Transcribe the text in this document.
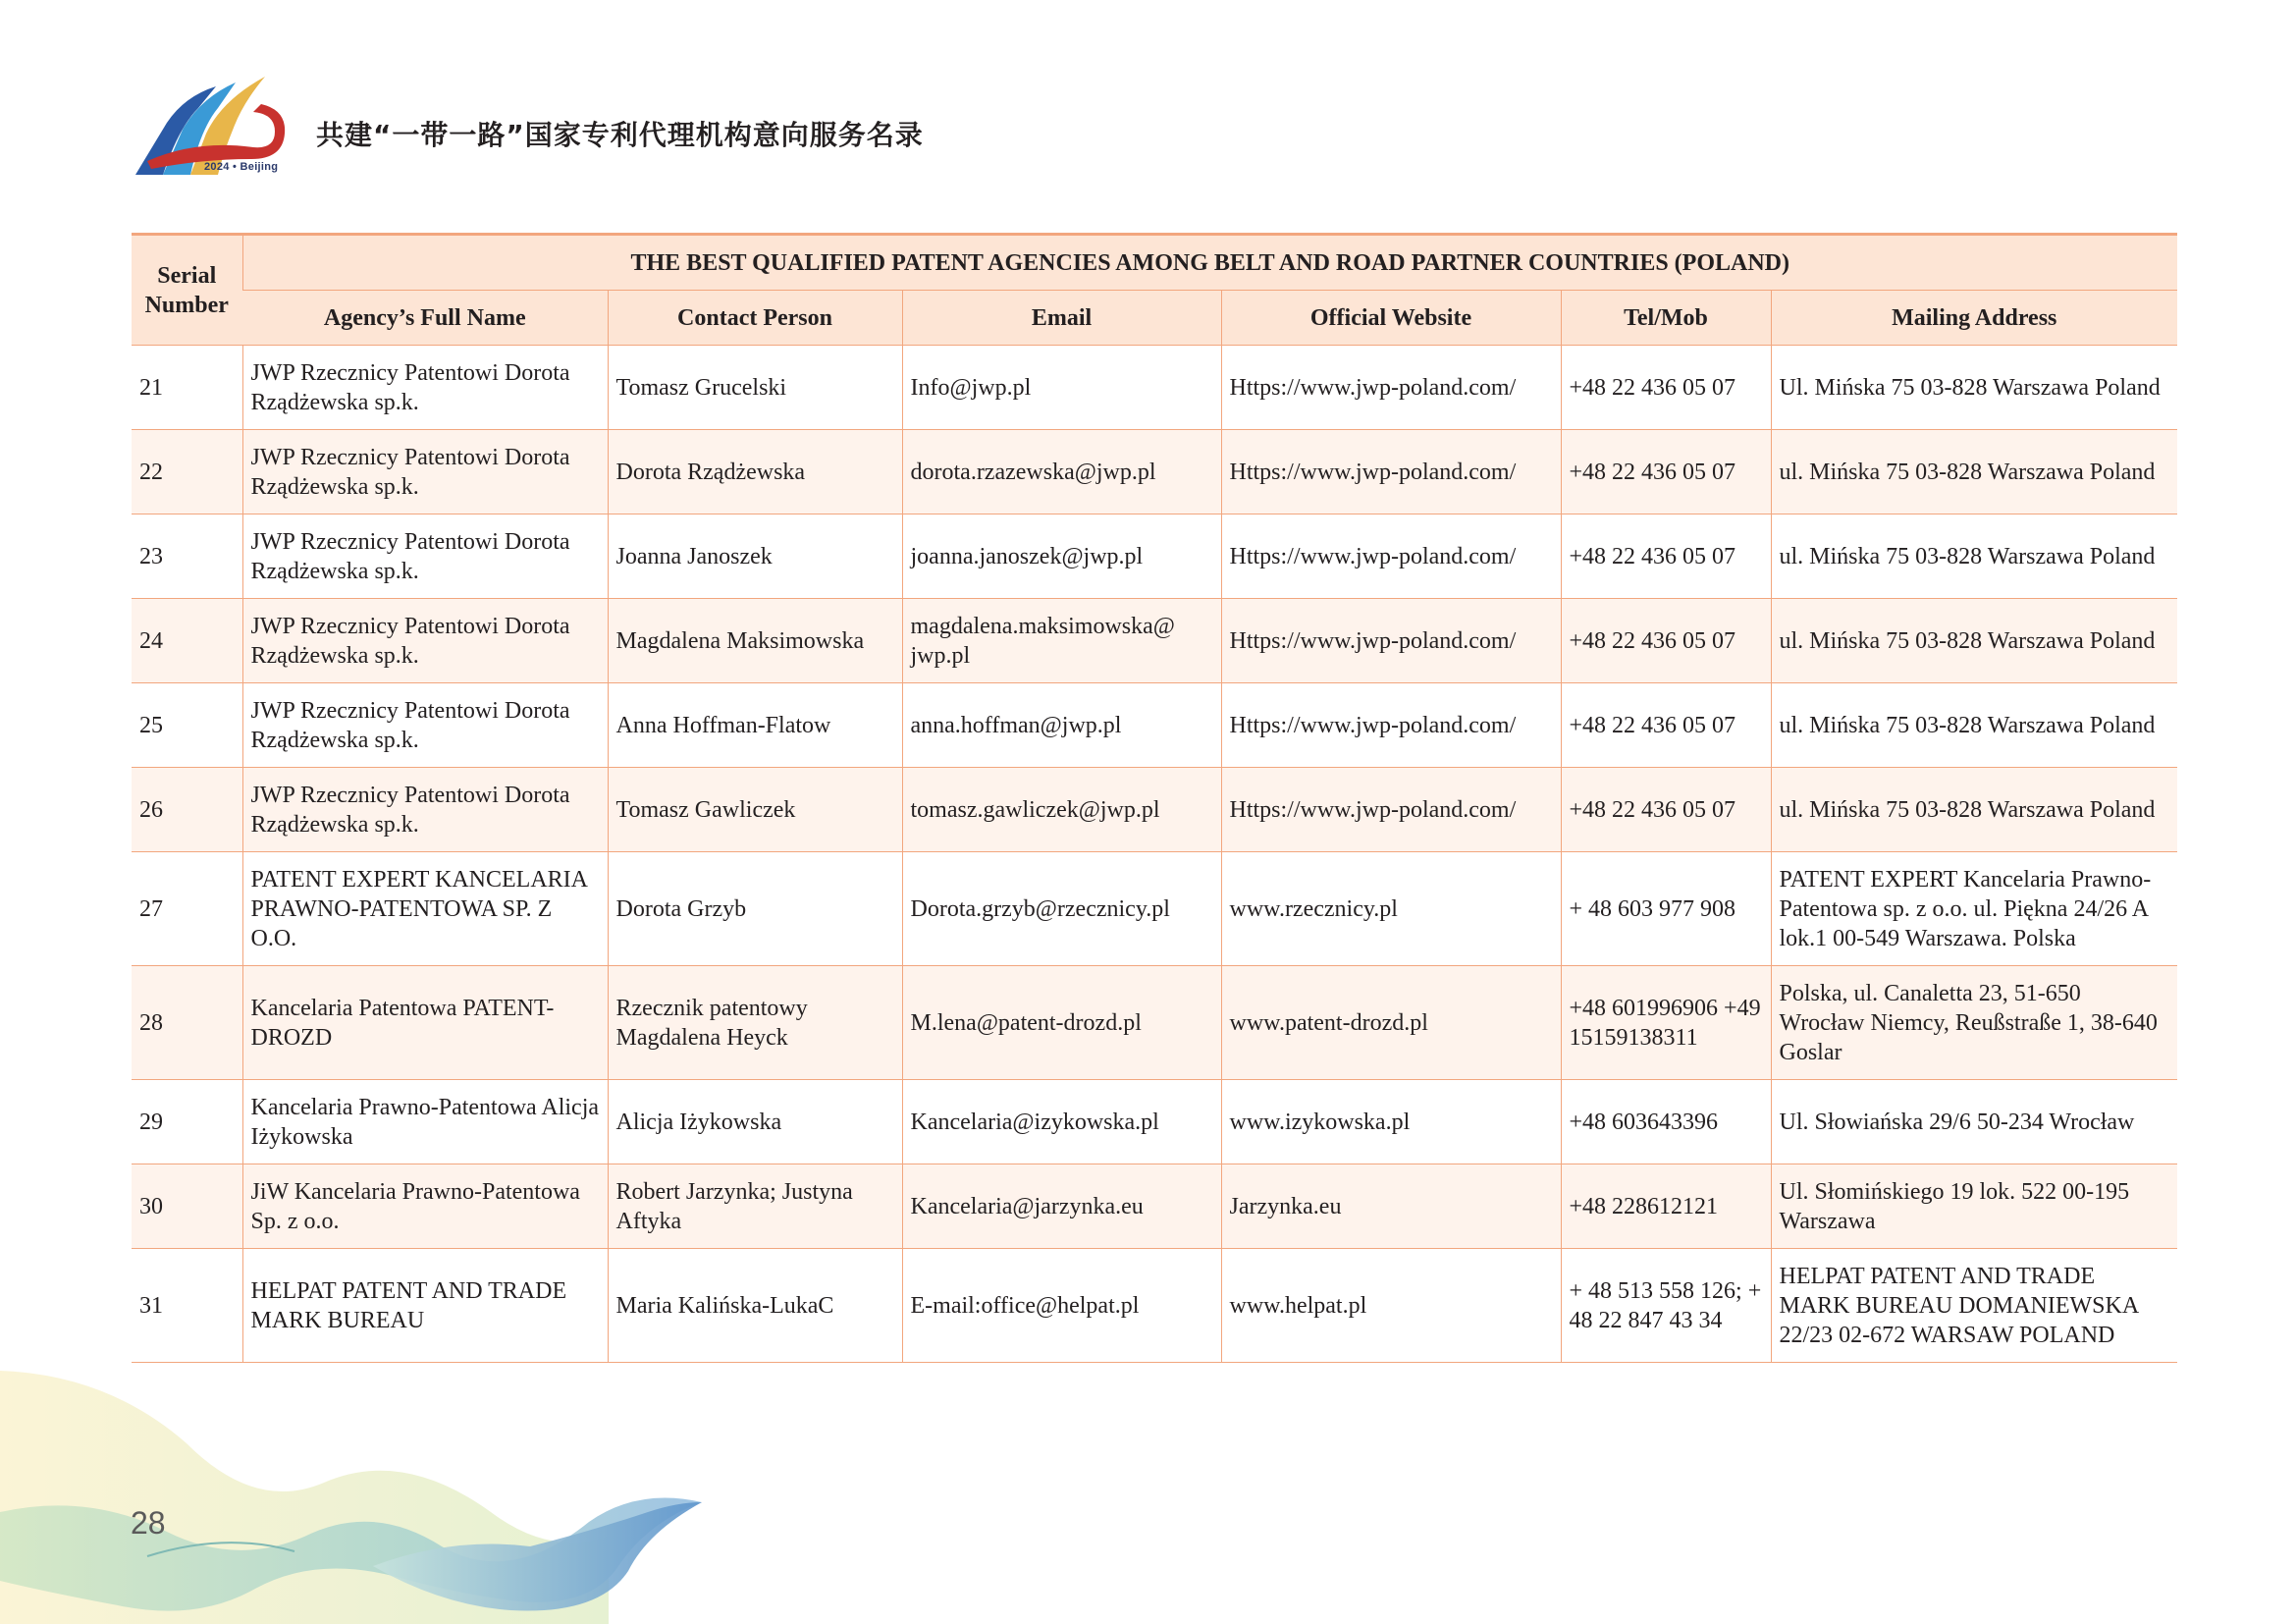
2024 • Beijing
共建“一带一路”国家专利代理机构意向服务名录
Serial Number	THE BEST QUALIFIED PATENT AGENCIES AMONG BELT AND ROAD PARTNER COUNTRIES (POLAND)					
	Agency’s Full Name	Contact Person	Email	Official Website	Tel/Mob	Mailing Address
21	JWP Rzecznicy Patentowi Dorota Rządżewska sp.k.	Tomasz Grucelski	Info@jwp.pl	Https://www.jwp-poland.com/	+48 22 436 05 07	Ul. Mińska 75 03-828 Warszawa Poland
22	JWP Rzecznicy Patentowi Dorota Rządżewska sp.k.	Dorota Rządżewska	dorota.rzazewska@jwp.pl	Https://www.jwp-poland.com/	+48 22 436 05 07	ul. Mińska 75 03-828 Warszawa Poland
23	JWP Rzecznicy Patentowi Dorota Rządżewska sp.k.	Joanna Janoszek	joanna.janoszek@jwp.pl	Https://www.jwp-poland.com/	+48 22 436 05 07	ul. Mińska 75 03-828 Warszawa Poland
24	JWP Rzecznicy Patentowi Dorota Rządżewska sp.k.	Magdalena Maksimowska	magdalena.maksimowska@ jwp.pl	Https://www.jwp-poland.com/	+48 22 436 05 07	ul. Mińska 75 03-828 Warszawa Poland
25	JWP Rzecznicy Patentowi Dorota Rządżewska sp.k.	Anna Hoffman-Flatow	anna.hoffman@jwp.pl	Https://www.jwp-poland.com/	+48 22 436 05 07	ul. Mińska 75 03-828 Warszawa Poland
26	JWP Rzecznicy Patentowi Dorota Rządżewska sp.k.	Tomasz Gawliczek	tomasz.gawliczek@jwp.pl	Https://www.jwp-poland.com/	+48 22 436 05 07	ul. Mińska 75 03-828 Warszawa Poland
27	PATENT EXPERT KANCELARIA PRAWNO-PATENTOWA SP. Z O.O.	Dorota Grzyb	Dorota.grzyb@rzecznicy.pl	www.rzecznicy.pl	+ 48 603 977 908	PATENT EXPERT Kancelaria Prawno-Patentowa sp. z o.o. ul. Piękna 24/26 A lok.1 00-549 Warszawa. Polska
28	Kancelaria Patentowa PATENT-DROZD	Rzecznik patentowy Magdalena Heyck	M.lena@patent-drozd.pl	www.patent-drozd.pl	+48 601996906 +49 15159138311	Polska, ul. Canaletta 23, 51-650 Wrocław Niemcy, Reußstraße 1, 38-640 Goslar
29	Kancelaria Prawno-Patentowa Alicja Iżykowska	Alicja Iżykowska	Kancelaria@izykowska.pl	www.izykowska.pl	+48 603643396	Ul. Słowiańska 29/6 50-234 Wrocław
30	JiW Kancelaria Prawno-Patentowa Sp. z o.o.	Robert Jarzynka; Justyna Aftyka	Kancelaria@jarzynka.eu	Jarzynka.eu	+48 228612121	Ul. Słomińskiego 19 lok. 522 00-195 Warszawa
31	HELPAT PATENT AND TRADE MARK BUREAU	Maria Kalińska-LukaC	E-mail:office@helpat.pl	www.helpat.pl	+ 48 513 558 126; + 48 22 847 43 34	HELPAT PATENT AND TRADE MARK BUREAU DOMANIEWSKA 22/23 02-672 WARSAW POLAND
28
